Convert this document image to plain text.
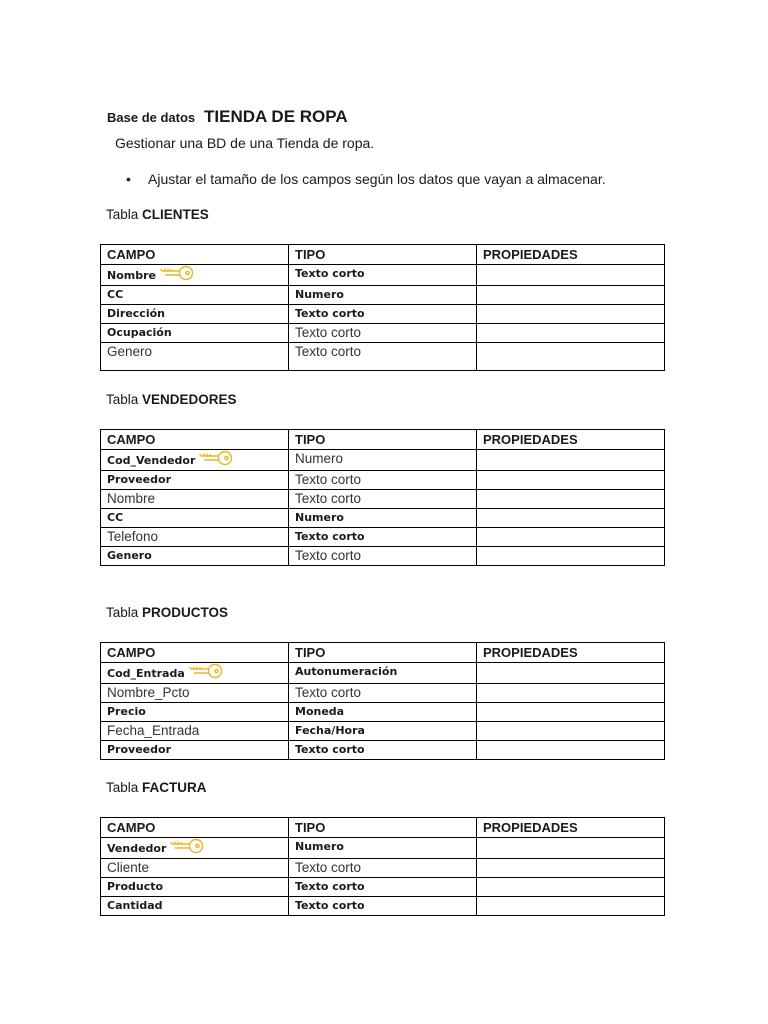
Base de datos TIENDA DE ROPA

Gestionar una BD de una Tienda de ropa.

• Ajustar el tamaño de los campos según los datos que vayan a almacenar.

Tabla CLIENTES

CAMPO	TIPO	PROPIEDADES
Nombre	Texto corto	
CC	Numero	
Dirección	Texto corto	
Ocupación	Texto corto	
Genero	Texto corto	

Tabla VENDEDORES

CAMPO	TIPO	PROPIEDADES
Cod_Vendedor	Numero	
Proveedor	Texto corto	
Nombre	Texto corto	
CC	Numero	
Telefono	Texto corto	
Genero	Texto corto	

Tabla PRODUCTOS

CAMPO	TIPO	PROPIEDADES
Cod_Entrada	Autonumeración	
Nombre_Pcto	Texto corto	
Precio	Moneda	
Fecha_Entrada	Fecha/Hora	
Proveedor	Texto corto	

Tabla FACTURA

CAMPO	TIPO	PROPIEDADES
Vendedor	Numero	
Cliente	Texto corto	
Producto	Texto corto	
Cantidad	Texto corto	
